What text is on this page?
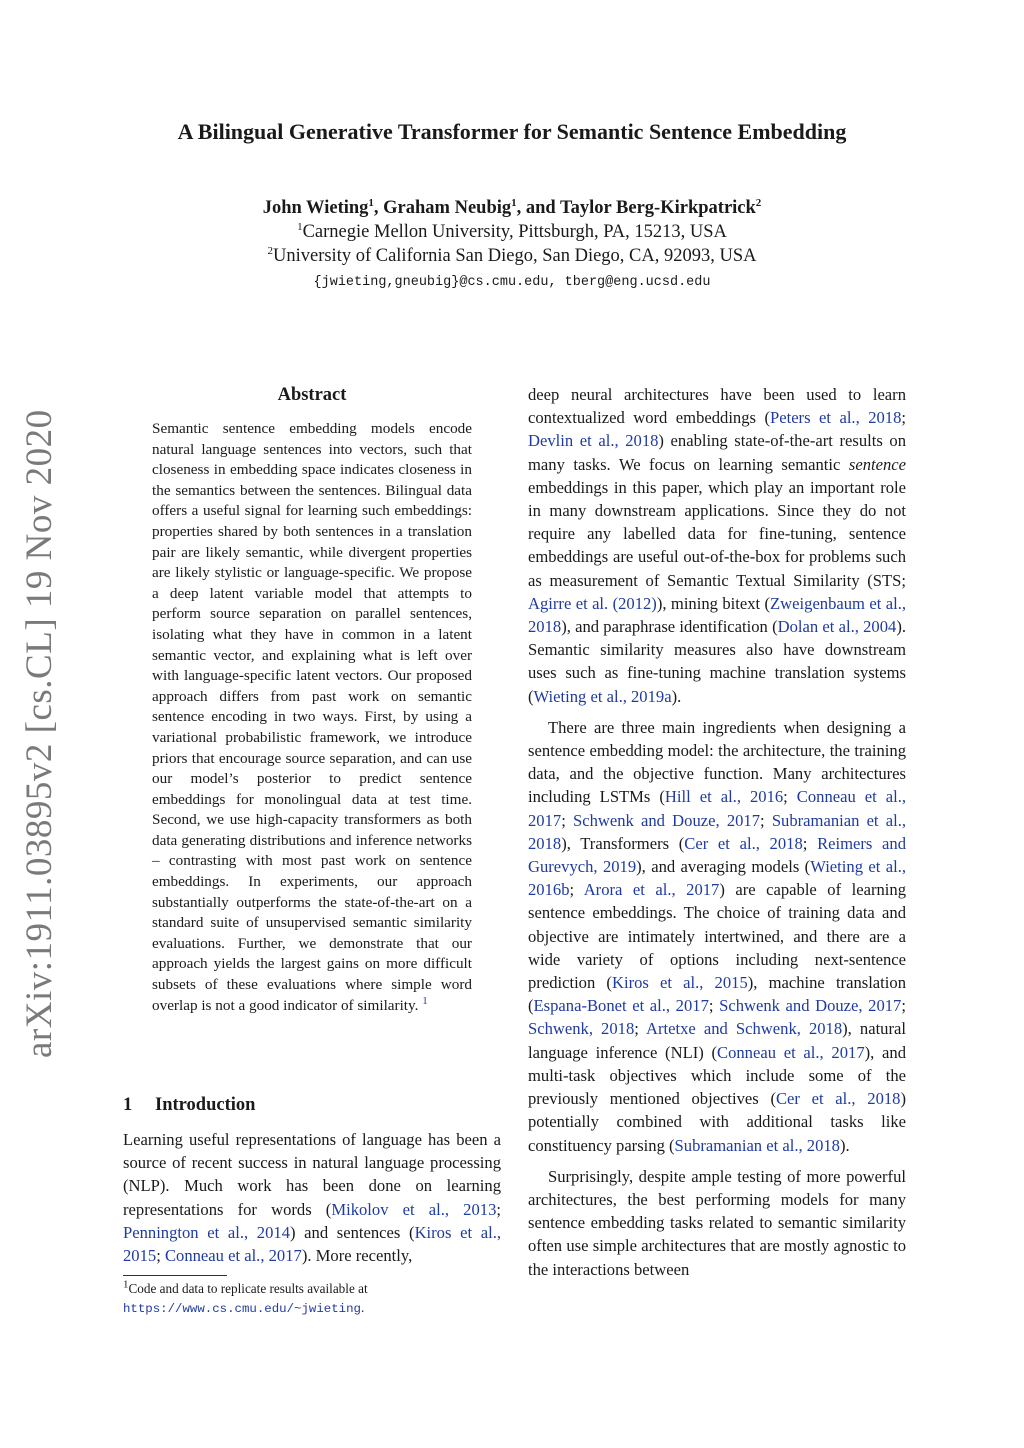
arXiv:1911.03895v2 [cs.CL] 19 Nov 2020
A Bilingual Generative Transformer for Semantic Sentence Embedding
John Wieting$^1$, Graham Neubig$^1$, and Taylor Berg-Kirkpatrick$^2$
$^1$Carnegie Mellon University, Pittsburgh, PA, 15213, USA
$^2$University of California San Diego, San Diego, CA, 92093, USA
{jwieting,gneubig}@cs.cmu.edu, tberg@eng.ucsd.edu
Abstract
Semantic sentence embedding models encode natural language sentences into vectors, such that closeness in embedding space indicates closeness in the semantics between the sentences. Bilingual data offers a useful signal for learning such embeddings: properties shared by both sentences in a translation pair are likely semantic, while divergent properties are likely stylistic or language-specific. We propose a deep latent variable model that attempts to perform source separation on parallel sentences, isolating what they have in common in a latent semantic vector, and explaining what is left over with language-specific latent vectors. Our proposed approach differs from past work on semantic sentence encoding in two ways. First, by using a variational probabilistic framework, we introduce priors that encourage source separation, and can use our model’s posterior to predict sentence embeddings for monolingual data at test time. Second, we use high-capacity transformers as both data generating distributions and inference networks – contrasting with most past work on sentence embeddings. In experiments, our approach substantially outperforms the state-of-the-art on a standard suite of unsupervised semantic similarity evaluations. Further, we demonstrate that our approach yields the largest gains on more difficult subsets of these evaluations where simple word overlap is not a good indicator of similarity. $^1$
1 Introduction
Learning useful representations of language has been a source of recent success in natural language processing (NLP). Much work has been done on learning representations for words (Mikolov et al., 2013; Pennington et al., 2014) and sentences (Kiros et al., 2015; Conneau et al., 2017). More recently,
$^1$Code and data to replicate results available at https://www.cs.cmu.edu/~jwieting.

deep neural architectures have been used to learn contextualized word embeddings (Peters et al., 2018; Devlin et al., 2018) enabling state-of-the-art results on many tasks. We focus on learning semantic sentence embeddings in this paper, which play an important role in many downstream applications. Since they do not require any labelled data for fine-tuning, sentence embeddings are useful out-of-the-box for problems such as measurement of Semantic Textual Similarity (STS; Agirre et al. (2012)), mining bitext (Zweigenbaum et al., 2018), and paraphrase identification (Dolan et al., 2004). Semantic similarity measures also have downstream uses such as fine-tuning machine translation systems (Wieting et al., 2019a).

There are three main ingredients when designing a sentence embedding model: the architecture, the training data, and the objective function. Many architectures including LSTMs (Hill et al., 2016; Conneau et al., 2017; Schwenk and Douze, 2017; Subramanian et al., 2018), Transformers (Cer et al., 2018; Reimers and Gurevych, 2019), and averaging models (Wieting et al., 2016b; Arora et al., 2017) are capable of learning sentence embeddings. The choice of training data and objective are intimately intertwined, and there are a wide variety of options including next-sentence prediction (Kiros et al., 2015), machine translation (Espana-Bonet et al., 2017; Schwenk and Douze, 2017; Schwenk, 2018; Artetxe and Schwenk, 2018), natural language inference (NLI) (Conneau et al., 2017), and multi-task objectives which include some of the previously mentioned objectives (Cer et al., 2018) potentially combined with additional tasks like constituency parsing (Subramanian et al., 2018).

Surprisingly, despite ample testing of more powerful architectures, the best performing models for many sentence embedding tasks related to semantic similarity often use simple architectures that are mostly agnostic to the interactions between
